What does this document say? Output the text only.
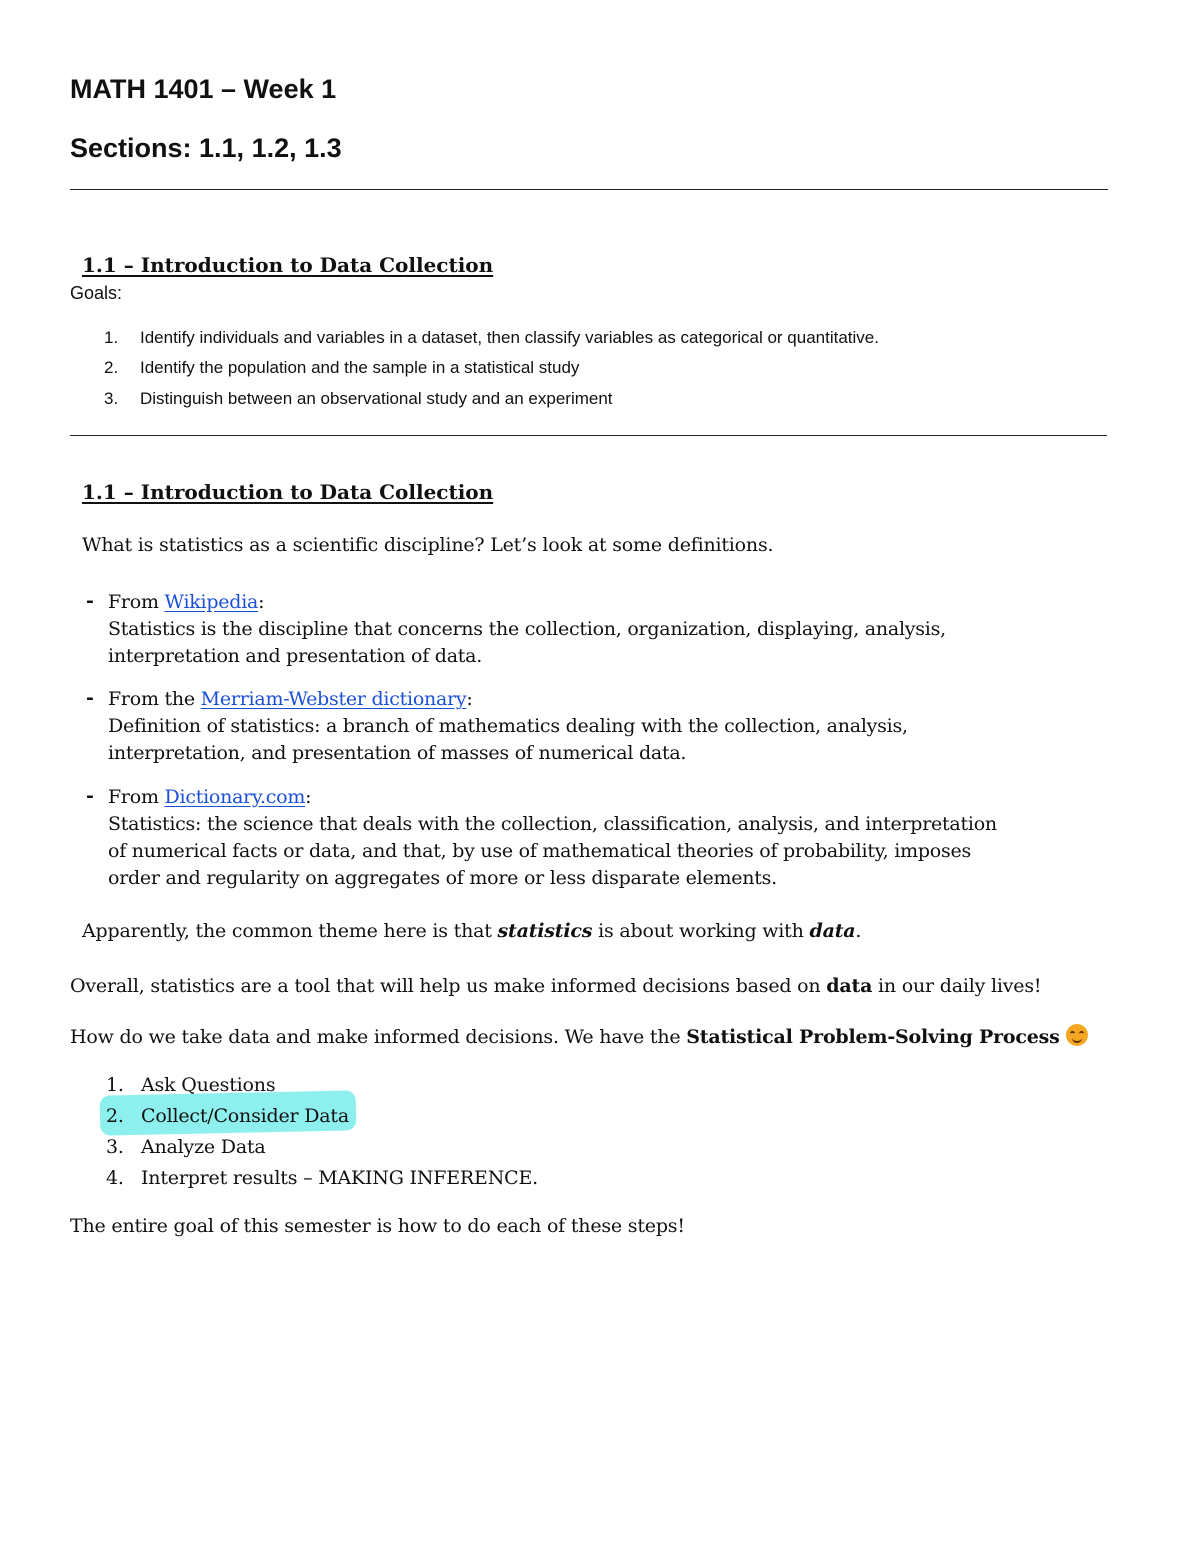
MATH 1401 – Week 1
Sections: 1.1, 1.2, 1.3
1.1 – Introduction to Data Collection
Goals:
1. Identify individuals and variables in a dataset, then classify variables as categorical or quantitative.
2. Identify the population and the sample in a statistical study
3. Distinguish between an observational study and an experiment
1.1 – Introduction to Data Collection
What is statistics as a scientific discipline? Let’s look at some definitions.
- From Wikipedia:
Statistics is the discipline that concerns the collection, organization, displaying, analysis,
interpretation and presentation of data.
- From the Merriam-Webster dictionary:
Definition of statistics: a branch of mathematics dealing with the collection, analysis,
interpretation, and presentation of masses of numerical data.
- From Dictionary.com:
Statistics: the science that deals with the collection, classification, analysis, and interpretation
of numerical facts or data, and that, by use of mathematical theories of probability, imposes
order and regularity on aggregates of more or less disparate elements.
Apparently, the common theme here is that statistics is about working with data.
Overall, statistics are a tool that will help us make informed decisions based on data in our daily lives!
How do we take data and make informed decisions. We have the Statistical Problem-Solving Process
1. Ask Questions
2. Collect/Consider Data
3. Analyze Data
4. Interpret results – MAKING INFERENCE.
The entire goal of this semester is how to do each of these steps!
